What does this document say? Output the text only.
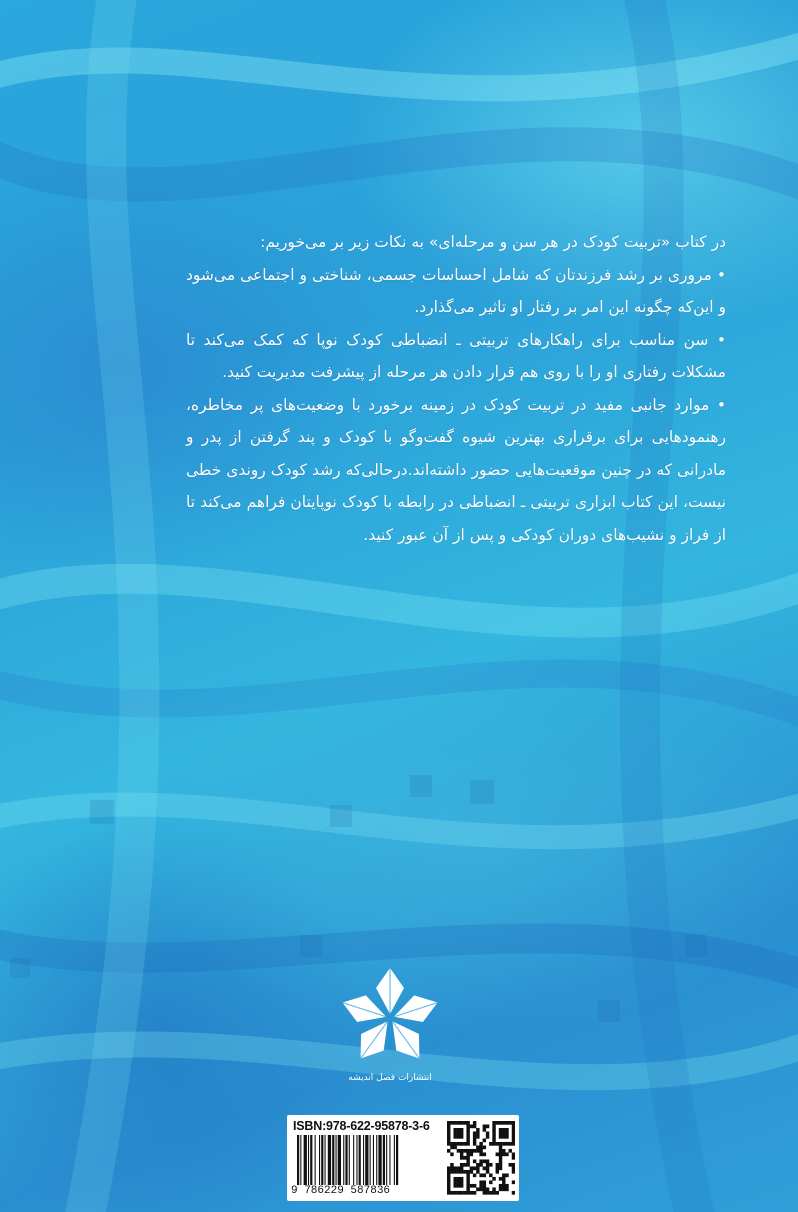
در کتاب «تربیت کودک در هر سن و مرحله‌ای» به نکات زیر بر می‌خوریم:

• مروری بر رشد فرزندتان که شامل احساسات جسمی، شناختی و اجتماعی می‌شود و این‌که چگونه این امر بر رفتار او تاثیر می‌گذارد.

• سن مناسب برای راهکارهای تربیتی ـ انضباطی کودک نوپا که کمک می‌کند تا مشکلات رفتاری او را با روی هم قرار دادن هر مرحله از پیشرفت مدیریت کنید.

• موارد جانبی مفید در تربیت کودک در زمینه برخورد با وضعیت‌های پر مخاطره، رهنمودهایی برای برقراری بهترین شیوه گفت‌وگو با کودک و پند گرفتن از پدر و مادرانی که در چنین موقعیت‌هایی حضور داشته‌اند.درحالی‌که رشد کودک روندی خطی نیست، این کتاب ابزاری تربیتی ـ انضباطی در رابطه با کودک نوپایتان فراهم می‌کند تا از فراز و نشیب‌های دوران کودکی و پس از آن عبور کنید.

انتشارات فصل اندیشه
ISBN:978-622-95878-3-6
9 786229 587836
